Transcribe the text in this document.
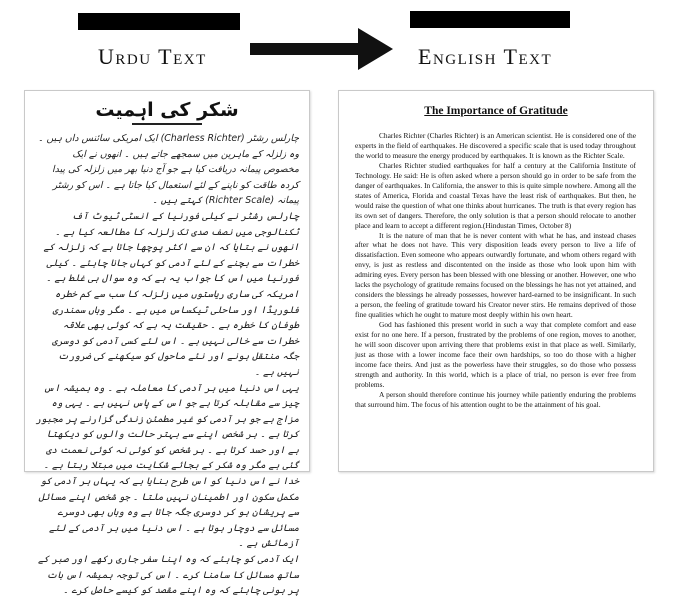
Urdu Text	English Text
شکر کی اہمیت

چارلس رشٹر (Charless Richter) ایک امریکی سائنس داں ہیں ۔ وہ زلزلہ کے ماہرین میں سمجھے جاتے ہیں ۔ انھوں نے ایک مخصوص پیمانہ دریافت کیا ہے جو آج دنیا بھر میں زلزلہ کی پیدا کردہ طاقت کو ناپنے کے لئے استعمال کیا جاتا ہے ۔ اس کو رشٹر پیمانہ (Richter Scale) کہتے ہیں ۔

چارلس رشٹر نے کیلی فورنیا کے انسٹی ٹیوٹ آف ٹکنالوجی میں نصف صدی تک زلزلہ کا مطالعہ کیا ہے ۔ انھوں نے بتایا کہ ان سے اکثر پوچھا جاتا ہے کہ زلزلہ کے خطرات سے بچنے کے لئے آدمی کو کہاں جانا چاہئے ۔ کیلی فورنیا میں اس کا جواب یہ ہے کہ وہ سوال ہی غلط ہے ۔ امریکہ کی ساری ریاستوں میں زلزلہ کا سب سے کم خطرہ فلوریڈا اور ساحلی ٹیکساس میں ہے ۔ مگر وہاں سمندری طوفان کا خطرہ ہے ۔ حقیقت یہ ہے کہ کوئی بھی علاقہ خطرات سے خالی نہیں ہے ۔ اس لئے کسی آدمی کو دوسری جگہ منتقل ہونے اور نئے ماحول کو سیکھنے کی ضرورت نہیں ہے ۔

یہی اس دنیا میں ہر آدمی کا معاملہ ہے ۔ وہ ہمیشہ اس چیز سے مقابلہ کرتا ہے جو اس کے پاس نہیں ہے ۔ یہی وہ مزاج ہے جو ہر آدمی کو غیر مطمئن زندگی گزارنے پر مجبور کرتا ہے ۔ ہر شخص اپنے سے بہتر حالت والوں کو دیکھتا ہے اور حسد کرتا ہے ۔ ہر شخص کو کوئی نہ کوئی نعمت دی گئی ہے مگر وہ شکر کے بجائے شکایت میں مبتلا رہتا ہے ۔

خدا نے اس دنیا کو اس طرح بنایا ہے کہ یہاں ہر آدمی کو مکمل سکون اور اطمینان نہیں ملتا ۔ جو شخص اپنے مسائل سے پریشان ہو کر دوسری جگہ جاتا ہے وہ وہاں بھی دوسرے مسائل سے دوچار ہوتا ہے ۔ اس دنیا میں ہر آدمی کے لئے آزمائش ہے ۔

ایک آدمی کو چاہئے کہ وہ اپنا سفر جاری رکھے اور صبر کے ساتھ مسائل کا سامنا کرے ۔ اس کی توجہ ہمیشہ اس بات پر ہونی چاہئے کہ وہ اپنے مقصد کو کیسے حاصل کرے ۔

The Importance of Gratitude

Charles Richter (Charles Richter) is an American scientist. He is considered one of the experts in the field of earthquakes. He discovered a specific scale that is used today throughout the world to measure the energy produced by earthquakes. It is known as the Richter Scale.

Charles Richter studied earthquakes for half a century at the California Institute of Technology. He said: He is often asked where a person should go in order to be safe from the danger of earthquakes. In California, the answer to this is quite simple nowhere. Among all the states of America, Florida and coastal Texas have the least risk of earthquakes. But then, he would raise the question of what one thinks about hurricanes. The truth is that every region has its own set of dangers. Therefore, the only solution is that a person should relocate to another place and learn to accept a different region.(Hindustan Times, October 8)

It is the nature of man that he is never content with what he has, and instead chases after what he does not have. This very disposition leads every person to live a life of dissatisfaction. Even someone who appears outwardly fortunate, and whom others regard with envy, is just as restless and discontented on the inside as those who look upon him with admiring eyes. Every person has been blessed with one blessing or another. However, one who lacks the psychology of gratitude remains focused on the blessings he has not yet attained, and considers the blessings he already possesses, however hard-earned to be insignificant. In such a person, the feeling of gratitude toward his Creator never stirs. He remains deprived of those fine qualities which he ought to mature most deeply within his own heart.

God has fashioned this present world in such a way that complete comfort and ease exist for no one here. If a person, frustrated by the problems of one region, moves to another, he will soon discover upon arriving there that problems exist in that place as well. Similarly, just as those with a lower income face their own hardships, so too do those with a higher income face theirs. And just as the powerless have their struggles, so do those who possess strength and authority. In this world, which is a place of trial, no person is ever free from problems.

A person should therefore continue his journey while patiently enduring the problems that surround him. The focus of his attention ought to be the attainment of his goal.
